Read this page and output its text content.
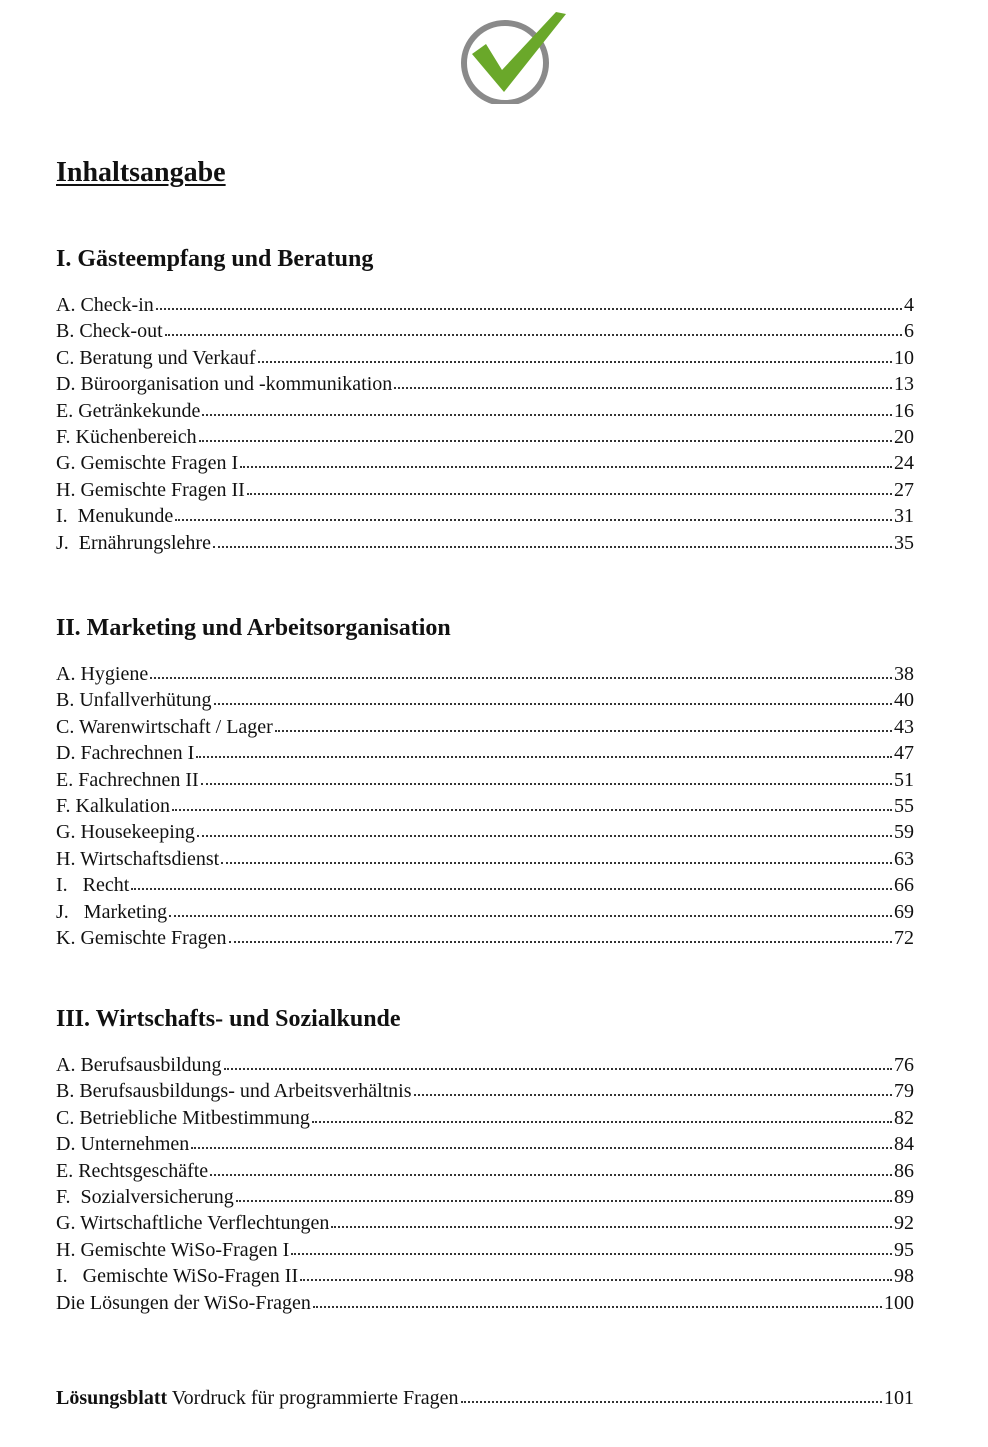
Inhaltsangabe
I. Gästeempfang und Beratung
A. Check-in	4
B. Check-out	6
C. Beratung und Verkauf	10
D. Büroorganisation und -kommunikation	13
E. Getränkekunde	16
F. Küchenbereich	20
G. Gemischte Fragen I	24
H. Gemischte Fragen II	27
I.  Menukunde	31
J.  Ernährungslehre	35
II. Marketing und Arbeitsorganisation
A. Hygiene	38
B. Unfallverhütung	40
C. Warenwirtschaft / Lager	43
D. Fachrechnen I	47
E. Fachrechnen II	51
F. Kalkulation	55
G. Housekeeping	59
H. Wirtschaftsdienst	63
I.   Recht	66
J.   Marketing	69
K. Gemischte Fragen	72
III. Wirtschafts- und Sozialkunde
A. Berufsausbildung	76
B. Berufsausbildungs- und Arbeitsverhältnis	79
C. Betriebliche Mitbestimmung	82
D. Unternehmen	84
E. Rechtsgeschäfte	86
F.  Sozialversicherung	89
G. Wirtschaftliche Verflechtungen	92
H. Gemischte WiSo-Fragen I	95
I.   Gemischte WiSo-Fragen II	98
Die Lösungen der WiSo-Fragen	100
Lösungsblatt Vordruck für programmierte Fragen	101
